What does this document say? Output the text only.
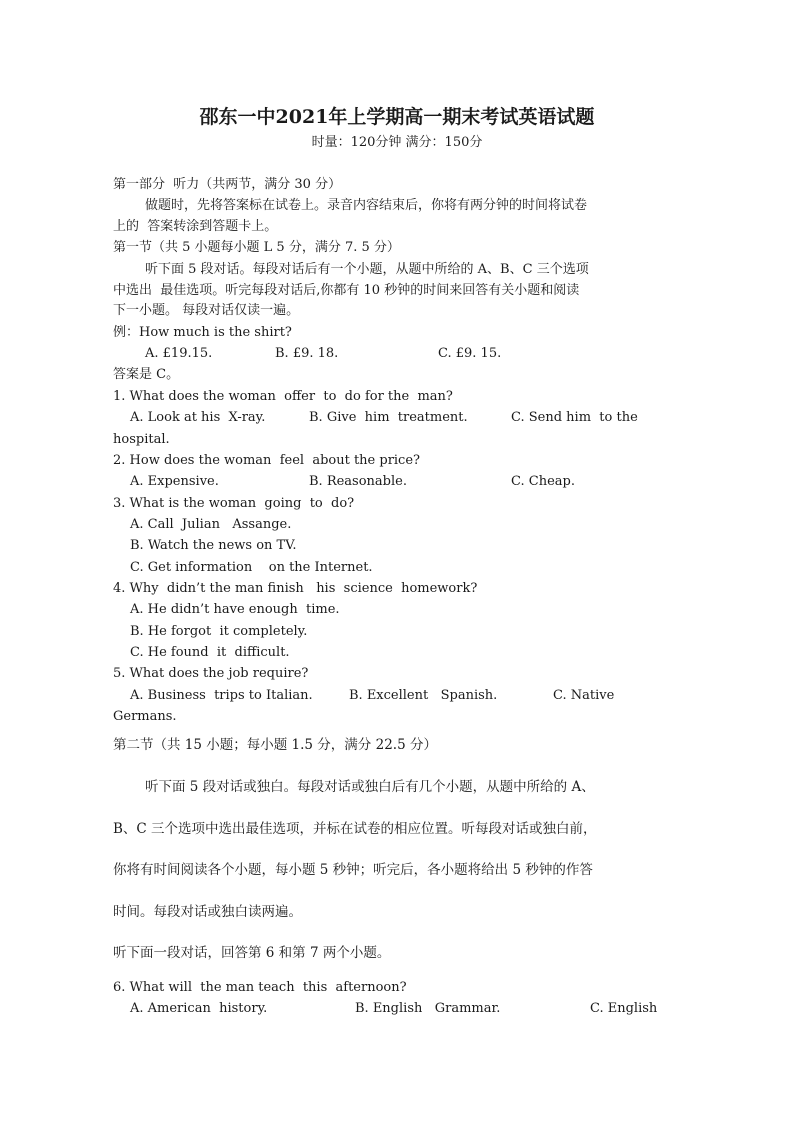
邵东一中2021年上学期高一期末考试英语试题
时量：120分钟 满分：150分
第一部分  听力（共两节，满分 30 分）
做题时，先将答案标在试卷上。录音内容结束后，你将有两分钟的时间将试卷
上的  答案转涂到答题卡上。
第一节（共 5 小题每小题 L 5 分，满分 7. 5 分）
听下面 5 段对话。每段对话后有一个小题，从题中所给的 A、B、C 三个选项
中选出  最佳选项。听完每段对话后,你都有 10 秒钟的时间来回答有关小题和阅读
下一小题。 每段对话仅读一遍。
例：How much is the shirt?
A. £19.15.	B. £9. 18.	C. £9. 15.
答案是 C。
1. What does the woman  offer  to  do for the  man?
A. Look at his  X-ray.	B. Give  him  treatment.	C. Send him  to the
hospital.
2. How does the woman  feel  about the price?
A. Expensive.	B. Reasonable.	C. Cheap.
3. What is the woman  going  to  do?
A. Call  Julian   Assange.
B. Watch the news on TV.
C. Get information    on the Internet.
4. Why  didn’t the man finish   his  science  homework?
A. He didn’t have enough  time.
B. He forgot  it completely.
C. He found  it  difficult.
5. What does the job require?
A. Business  trips to Italian.	B. Excellent   Spanish.	C. Native
Germans.
第二节（共 15 小题；每小题 1.5 分，满分 22.5 分）
听下面 5 段对话或独白。每段对话或独白后有几个小题，从题中所给的 A、
B、C 三个选项中选出最佳选项，并标在试卷的相应位置。听每段对话或独白前，
你将有时间阅读各个小题，每小题 5 秒钟；听完后，各小题将给出 5 秒钟的作答
时间。每段对话或独白读两遍。
听下面一段对话，回答第 6 和第 7 两个小题。
6. What will  the man teach  this  afternoon?
A. American  history.	B. English   Grammar.	C. English
